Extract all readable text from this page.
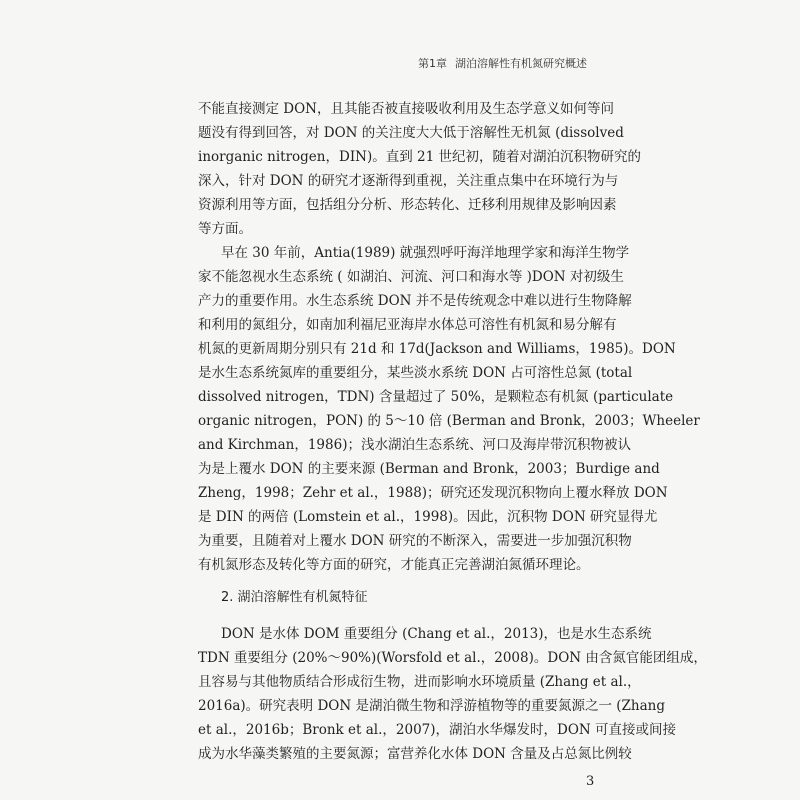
第1章 湖泊溶解性有机氮研究概述
不能直接测定 DON，且其能否被直接吸收利用及生态学意义如何等问
题没有得到回答，对 DON 的关注度大大低于溶解性无机氮 (dissolved
inorganic nitrogen，DIN)。直到 21 世纪初，随着对湖泊沉积物研究的
深入，针对 DON 的研究才逐渐得到重视，关注重点集中在环境行为与
资源利用等方面，包括组分分析、形态转化、迁移利用规律及影响因素
等方面。
早在 30 年前，Antia(1989) 就强烈呼吁海洋地理学家和海洋生物学
家不能忽视水生态系统 ( 如湖泊、河流、河口和海水等 )DON 对初级生
产力的重要作用。水生态系统 DON 并不是传统观念中难以进行生物降解
和利用的氮组分，如南加利福尼亚海岸水体总可溶性有机氮和易分解有
机氮的更新周期分别只有 21d 和 17d(Jackson and Williams，1985)。DON
是水生态系统氮库的重要组分，某些淡水系统 DON 占可溶性总氮 (total
dissolved nitrogen，TDN) 含量超过了 50%，是颗粒态有机氮 (particulate
organic nitrogen，PON) 的 5～10 倍 (Berman and Bronk，2003；Wheeler
and Kirchman，1986)；浅水湖泊生态系统、河口及海岸带沉积物被认
为是上覆水 DON 的主要来源 (Berman and Bronk，2003；Burdige and
Zheng，1998；Zehr et al.，1988)；研究还发现沉积物向上覆水释放 DON
是 DIN 的两倍 (Lomstein et al.，1998)。因此，沉积物 DON 研究显得尤
为重要，且随着对上覆水 DON 研究的不断深入，需要进一步加强沉积物
有机氮形态及转化等方面的研究，才能真正完善湖泊氮循环理论。
2. 湖泊溶解性有机氮特征
DON 是水体 DOM 重要组分 (Chang et al.，2013)，也是水生态系统
TDN 重要组分 (20%～90%)(Worsfold et al.，2008)。DON 由含氮官能团组成，
且容易与其他物质结合形成衍生物，进而影响水环境质量 (Zhang et al.，
2016a)。研究表明 DON 是湖泊微生物和浮游植物等的重要氮源之一 (Zhang
et al.，2016b；Bronk et al.，2007)，湖泊水华爆发时，DON 可直接或间接
成为水华藻类繁殖的主要氮源；富营养化水体 DON 含量及占总氮比例较
3
